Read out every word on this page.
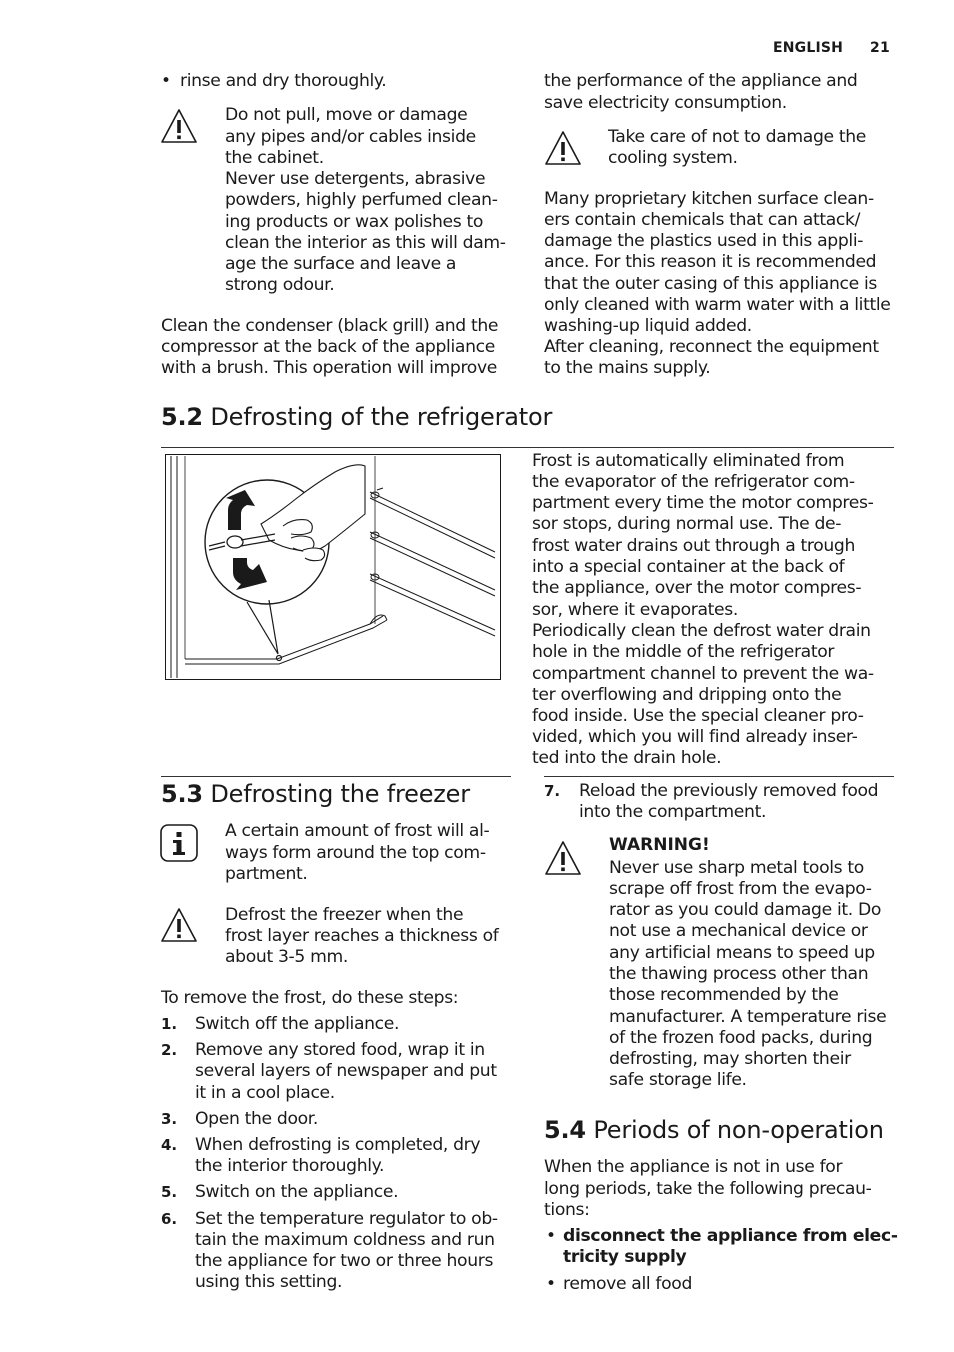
ENGLISH 21
• rinse and dry thoroughly.
Do not pull, move or damage
any pipes and/or cables inside
the cabinet.
Never use detergents, abrasive
powders, highly perfumed clean-
ing products or wax polishes to
clean the interior as this will dam-
age the surface and leave a
strong odour.
Clean the condenser (black grill) and the
compressor at the back of the appliance
with a brush. This operation will improve
the performance of the appliance and
save electricity consumption.
Take care of not to damage the
cooling system.
Many proprietary kitchen surface clean-
ers contain chemicals that can attack/
damage the plastics used in this appli-
ance. For this reason it is recommended
that the outer casing of this appliance is
only cleaned with warm water with a little
washing-up liquid added.
After cleaning, reconnect the equipment
to the mains supply.
5.2 Defrosting of the refrigerator
Frost is automatically eliminated from
the evaporator of the refrigerator com-
partment every time the motor compres-
sor stops, during normal use. The de-
frost water drains out through a trough
into a special container at the back of
the appliance, over the motor compres-
sor, where it evaporates.
Periodically clean the defrost water drain
hole in the middle of the refrigerator
compartment channel to prevent the wa-
ter overflowing and dripping onto the
food inside. Use the special cleaner pro-
vided, which you will find already inser-
ted into the drain hole.
5.3 Defrosting the freezer
A certain amount of frost will al-
ways form around the top com-
partment.
Defrost the freezer when the
frost layer reaches a thickness of
about 3-5 mm.
To remove the frost, do these steps:
1. Switch off the appliance.
2. Remove any stored food, wrap it in
several layers of newspaper and put
it in a cool place.
3. Open the door.
4. When defrosting is completed, dry
the interior thoroughly.
5. Switch on the appliance.
6. Set the temperature regulator to ob-
tain the maximum coldness and run
the appliance for two or three hours
using this setting.
7. Reload the previously removed food
into the compartment.
WARNING!
Never use sharp metal tools to
scrape off frost from the evapo-
rator as you could damage it. Do
not use a mechanical device or
any artificial means to speed up
the thawing process other than
those recommended by the
manufacturer. A temperature rise
of the frozen food packs, during
defrosting, may shorten their
safe storage life.
5.4 Periods of non-operation
When the appliance is not in use for
long periods, take the following precau-
tions:
• disconnect the appliance from elec-
tricity supply
• remove all food
